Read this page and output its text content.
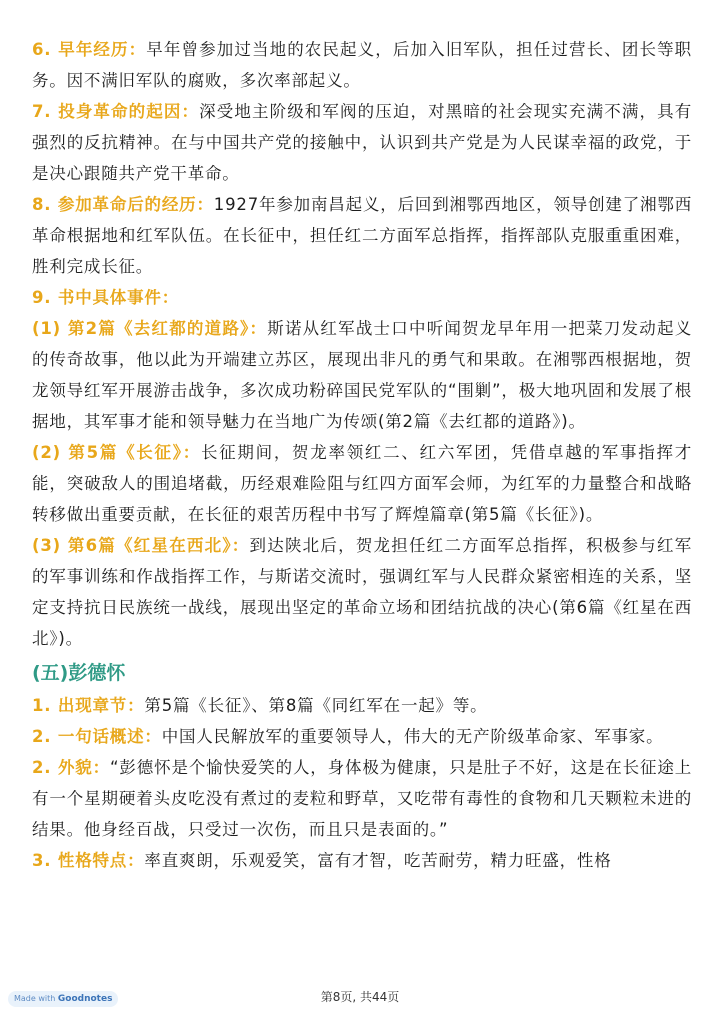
6. 早年经历：早年曾参加过当地的农民起义，后加入旧军队，担任过营长、团长等职务。因不满旧军队的腐败，多次率部起义。

7. 投身革命的起因：深受地主阶级和军阀的压迫，对黑暗的社会现实充满不满，具有强烈的反抗精神。在与中国共产党的接触中，认识到共产党是为人民谋幸福的政党，于是决心跟随共产党干革命。

8. 参加革命后的经历：1927年参加南昌起义，后回到湘鄂西地区，领导创建了湘鄂西革命根据地和红军队伍。在长征中，担任红二方面军总指挥，指挥部队克服重重困难，胜利完成长征。

9. 书中具体事件：

(1) 第2篇《去红都的道路》：斯诺从红军战士口中听闻贺龙早年用一把菜刀发动起义的传奇故事，他以此为开端建立苏区，展现出非凡的勇气和果敢。在湘鄂西根据地，贺龙领导红军开展游击战争，多次成功粉碎国民党军队的“围剿”，极大地巩固和发展了根据地，其军事才能和领导魅力在当地广为传颂(第2篇《去红都的道路》)。

(2) 第5篇《长征》：长征期间，贺龙率领红二、红六军团，凭借卓越的军事指挥才能，突破敌人的围追堵截，历经艰难险阻与红四方面军会师，为红军的力量整合和战略转移做出重要贡献，在长征的艰苦历程中书写了辉煌篇章(第5篇《长征》)。

(3) 第6篇《红星在西北》：到达陕北后，贺龙担任红二方面军总指挥，积极参与红军的军事训练和作战指挥工作，与斯诺交流时，强调红军与人民群众紧密相连的关系，坚定支持抗日民族统一战线，展现出坚定的革命立场和团结抗战的决心(第6篇《红星在西北》)。

(五)彭德怀

1. 出现章节：第5篇《长征》、第8篇《同红军在一起》等。

2. 一句话概述：中国人民解放军的重要领导人，伟大的无产阶级革命家、军事家。

2. 外貌：“彭德怀是个愉快爱笑的人，身体极为健康，只是肚子不好，这是在长征途上有一个星期硬着头皮吃没有煮过的麦粒和野草，又吃带有毒性的食物和几天颗粒未进的结果。他身经百战，只受过一次伤，而且只是表面的。”

3. 性格特点：率直爽朗，乐观爱笑，富有才智，吃苦耐劳，精力旺盛，性格

Made with Goodnotes	第8页, 共44页
